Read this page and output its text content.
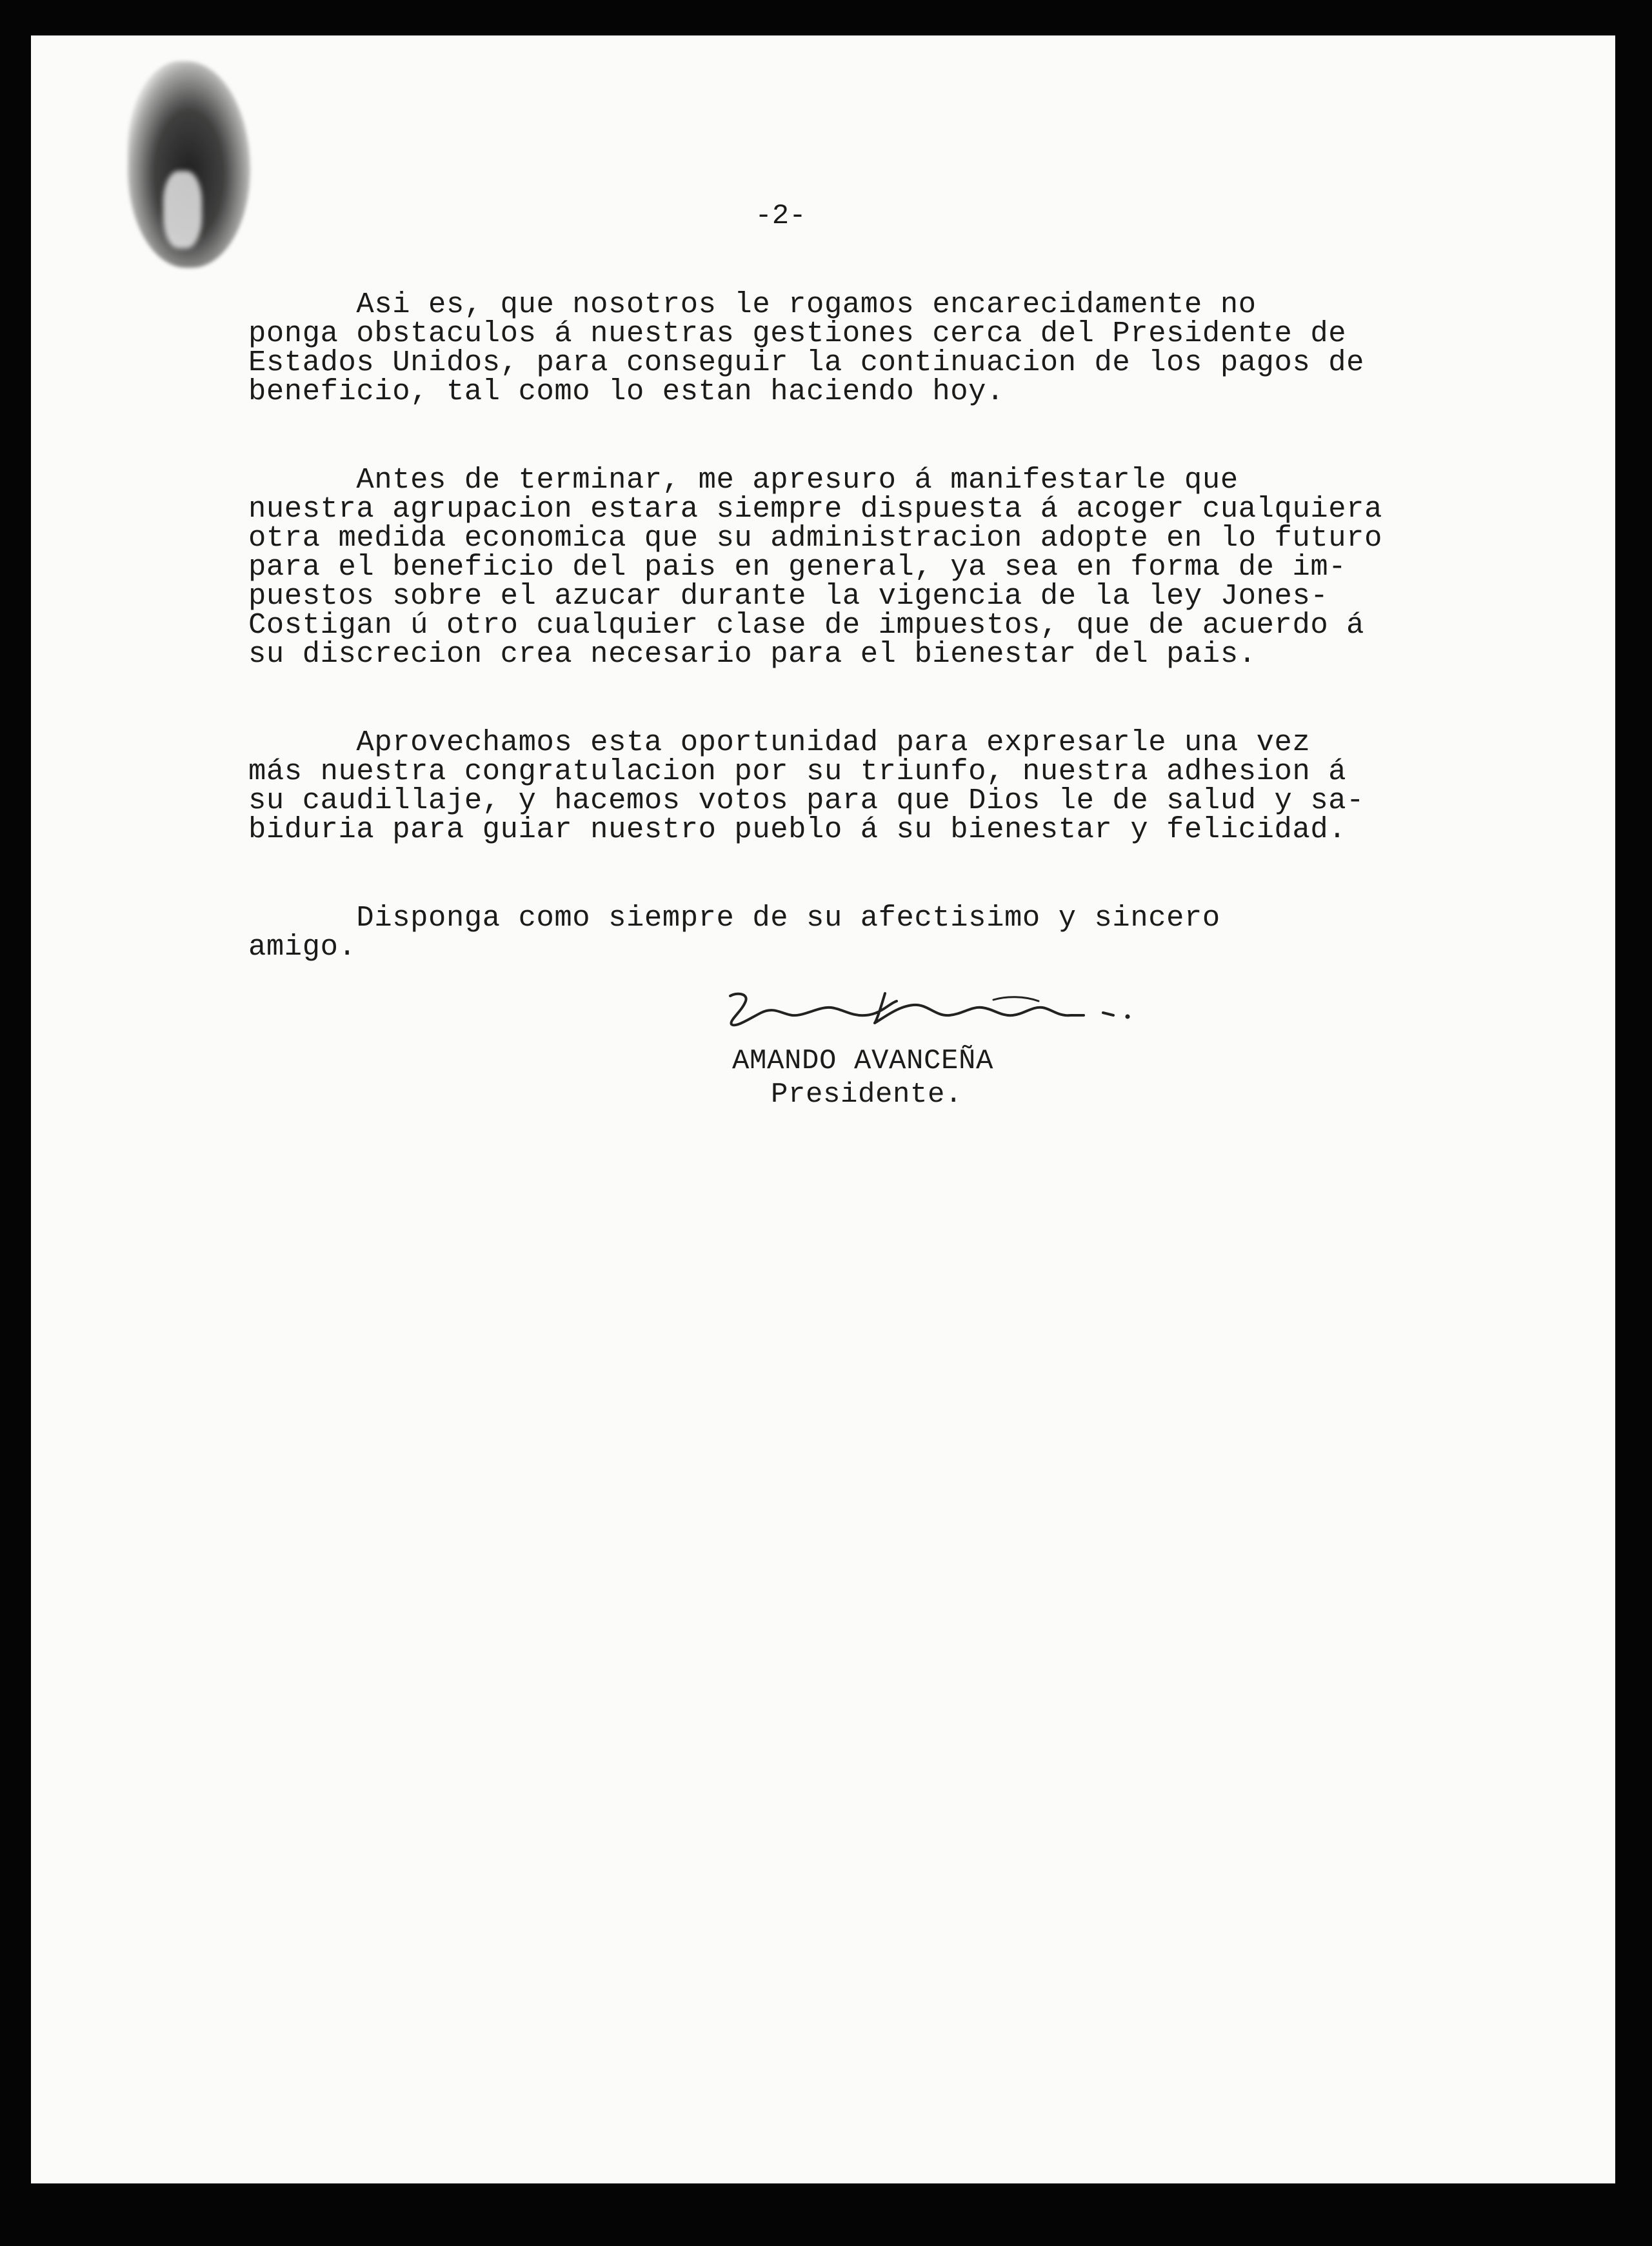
-2-

Asi es, que nosotros le rogamos encarecidamente no
ponga obstaculos á nuestras gestiones cerca del Presidente de
Estados Unidos, para conseguir la continuacion de los pagos de
beneficio, tal como lo estan haciendo hoy.

Antes de terminar, me apresuro á manifestarle que
nuestra agrupacion estara siempre dispuesta á acoger cualquiera
otra medida economica que su administracion adopte en lo futuro
para el beneficio del pais en general, ya sea en forma de im-
puestos sobre el azucar durante la vigencia de la ley Jones-
Costigan ú otro cualquier clase de impuestos, que de acuerdo á
su discrecion crea necesario para el bienestar del pais.

Aprovechamos esta oportunidad para expresarle una vez
más nuestra congratulacion por su triunfo, nuestra adhesion á
su caudillaje, y hacemos votos para que Dios le de salud y sa-
biduria para guiar nuestro pueblo á su bienestar y felicidad.

Disponga como siempre de su afectisimo y sincero
amigo.

AMANDO AVANCEÑA
Presidente.
